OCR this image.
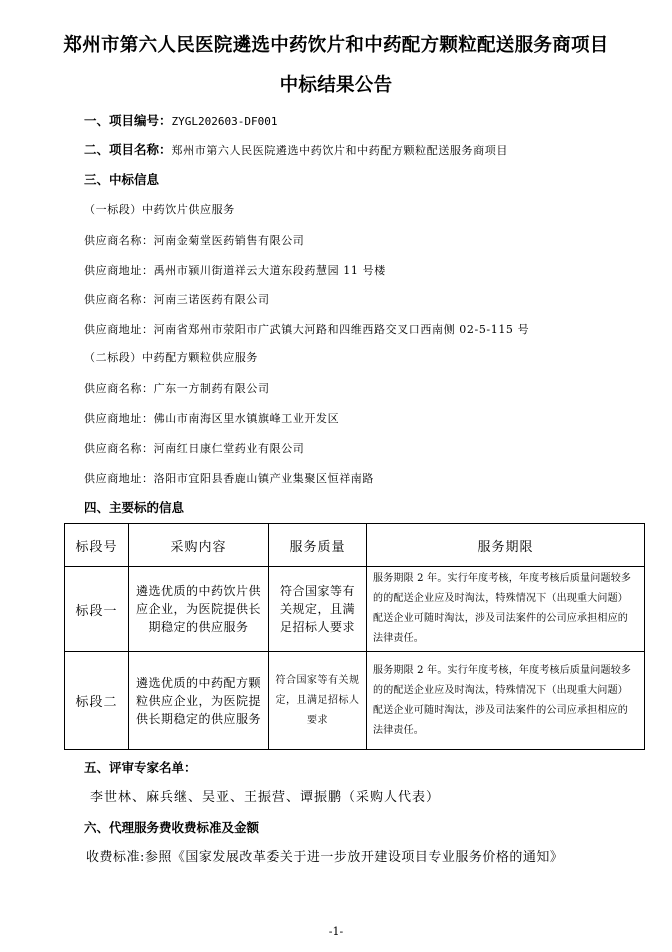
郑州市第六人民医院遴选中药饮片和中药配方颗粒配送服务商项目
中标结果公告
一、项目编号：ZYGL202603-DF001
二、项目名称：郑州市第六人民医院遴选中药饮片和中药配方颗粒配送服务商项目
三、中标信息
（一标段）中药饮片供应服务
供应商名称：河南金菊堂医药销售有限公司
供应商地址：禹州市颍川街道祥云大道东段药慧园 11 号楼
供应商名称：河南三诺医药有限公司
供应商地址：河南省郑州市荥阳市广武镇大河路和四维西路交叉口西南侧 02-5-115 号
（二标段）中药配方颗粒供应服务
供应商名称：广东一方制药有限公司
供应商地址：佛山市南海区里水镇旗峰工业开发区
供应商名称：河南红日康仁堂药业有限公司
供应商地址：洛阳市宜阳县香鹿山镇产业集聚区恒祥南路
四、主要标的信息
标段号	采购内容	服务质量	服务期限
标段一	遴选优质的中药饮片供应企业，为医院提供长期稳定的供应服务	符合国家等有关规定，且满足招标人要求	服务期限 2 年。实行年度考核，年度考核后质量问题较多的的配送企业应及时淘汰，特殊情况下（出现重大问题）配送企业可随时淘汰，涉及司法案件的公司应承担相应的法律责任。
标段二	遴选优质的中药配方颗粒供应企业，为医院提供长期稳定的供应服务	符合国家等有关规定，且满足招标人要求	服务期限 2 年。实行年度考核，年度考核后质量问题较多的的配送企业应及时淘汰，特殊情况下（出现重大问题）配送企业可随时淘汰，涉及司法案件的公司应承担相应的法律责任。
五、评审专家名单：
李世林、麻兵继、吴亚、王振营、谭振鹏（采购人代表）
六、代理服务费收费标准及金额
收费标准:参照《国家发展改革委关于进一步放开建设项目专业服务价格的通知》
-1-
